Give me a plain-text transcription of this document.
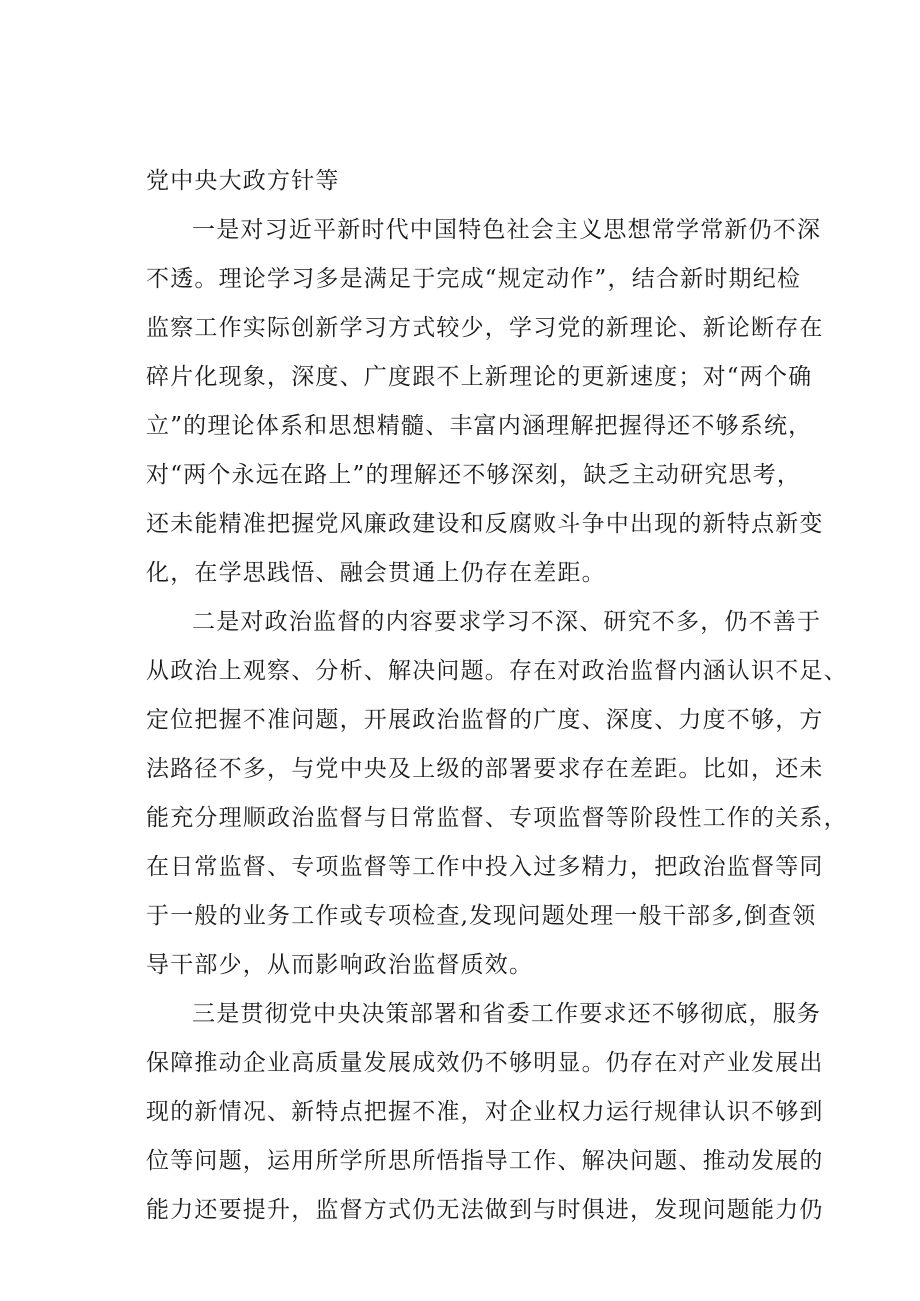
党中央大政方针等
一是对习近平新时代中国特色社会主义思想常学常新仍不深
不透。理论学习多是满足于完成“规定动作”，结合新时期纪检
监察工作实际创新学习方式较少，学习党的新理论、新论断存在
碎片化现象，深度、广度跟不上新理论的更新速度；对“两个确
立”的理论体系和思想精髓、丰富内涵理解把握得还不够系统，
对“两个永远在路上”的理解还不够深刻，缺乏主动研究思考，
还未能精准把握党风廉政建设和反腐败斗争中出现的新特点新变
化，在学思践悟、融会贯通上仍存在差距。
二是对政治监督的内容要求学习不深、研究不多，仍不善于
从政治上观察、分析、解决问题。存在对政治监督内涵认识不足、
定位把握不准问题，开展政治监督的广度、深度、力度不够，方
法路径不多，与党中央及上级的部署要求存在差距。比如，还未
能充分理顺政治监督与日常监督、专项监督等阶段性工作的关系，
在日常监督、专项监督等工作中投入过多精力，把政治监督等同
于一般的业务工作或专项检查,发现问题处理一般干部多,倒查领
导干部少，从而影响政治监督质效。
三是贯彻党中央决策部署和省委工作要求还不够彻底，服务
保障推动企业高质量发展成效仍不够明显。仍存在对产业发展出
现的新情况、新特点把握不准，对企业权力运行规律认识不够到
位等问题，运用所学所思所悟指导工作、解决问题、推动发展的
能力还要提升，监督方式仍无法做到与时俱进，发现问题能力仍
